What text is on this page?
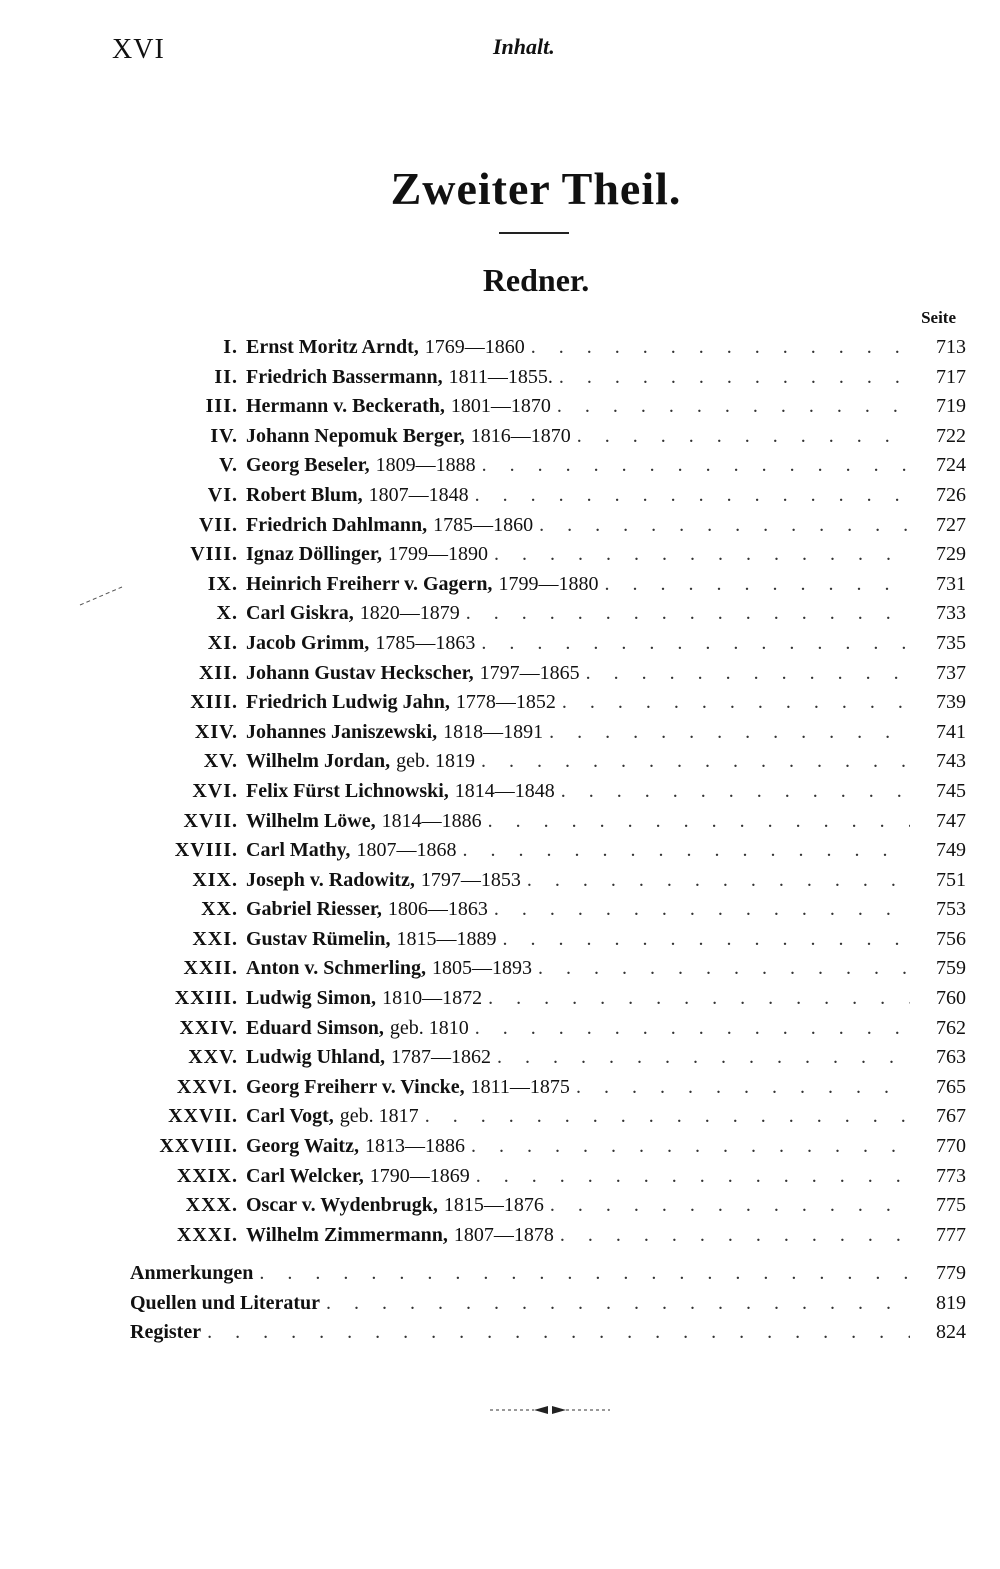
XVI	Inhalt.
Zweiter Theil.
Redner.
Seite
I. Ernst Moritz Arndt, 1769—1860 . . .	713
II. Friedrich Bassermann, 1811—1855. . . .	717
III. Hermann v. Beckerath, 1801—1870 . . .	719
IV. Johann Nepomuk Berger, 1816—1870 . . .	722
V. Georg Beseler, 1809—1888 . . .	724
VI. Robert Blum, 1807—1848 . . .	726
VII. Friedrich Dahlmann, 1785—1860 . . .	727
VIII. Ignaz Döllinger, 1799—1890 . . .	729
IX. Heinrich Freiherr v. Gagern, 1799—1880 . . .	731
X. Carl Giskra, 1820—1879 . . .	733
XI. Jacob Grimm, 1785—1863 . . .	735
XII. Johann Gustav Heckscher, 1797—1865 . . .	737
XIII. Friedrich Ludwig Jahn, 1778—1852 . . .	739
XIV. Johannes Janiszewski, 1818—1891 . . .	741
XV. Wilhelm Jordan, geb. 1819 . . .	743
XVI. Felix Fürst Lichnowski, 1814—1848 . . .	745
XVII. Wilhelm Löwe, 1814—1886 . . .	747
XVIII. Carl Mathy, 1807—1868 . . .	749
XIX. Joseph v. Radowitz, 1797—1853 . . .	751
XX. Gabriel Riesser, 1806—1863 . . .	753
XXI. Gustav Rümelin, 1815—1889 . . .	756
XXII. Anton v. Schmerling, 1805—1893 . . .	759
XXIII. Ludwig Simon, 1810—1872 . . .	760
XXIV. Eduard Simson, geb. 1810 . . .	762
XXV. Ludwig Uhland, 1787—1862 . . .	763
XXVI. Georg Freiherr v. Vincke, 1811—1875 . . .	765
XXVII. Carl Vogt, geb. 1817 . . .	767
XXVIII. Georg Waitz, 1813—1886 . . .	770
XXIX. Carl Welcker, 1790—1869 . . .	773
XXX. Oscar v. Wydenbrugk, 1815—1876 . . .	775
XXXI. Wilhelm Zimmermann, 1807—1878 . . .	777
Anmerkungen . . .	779
Quellen und Literatur . . .	819
Register . . .	824
